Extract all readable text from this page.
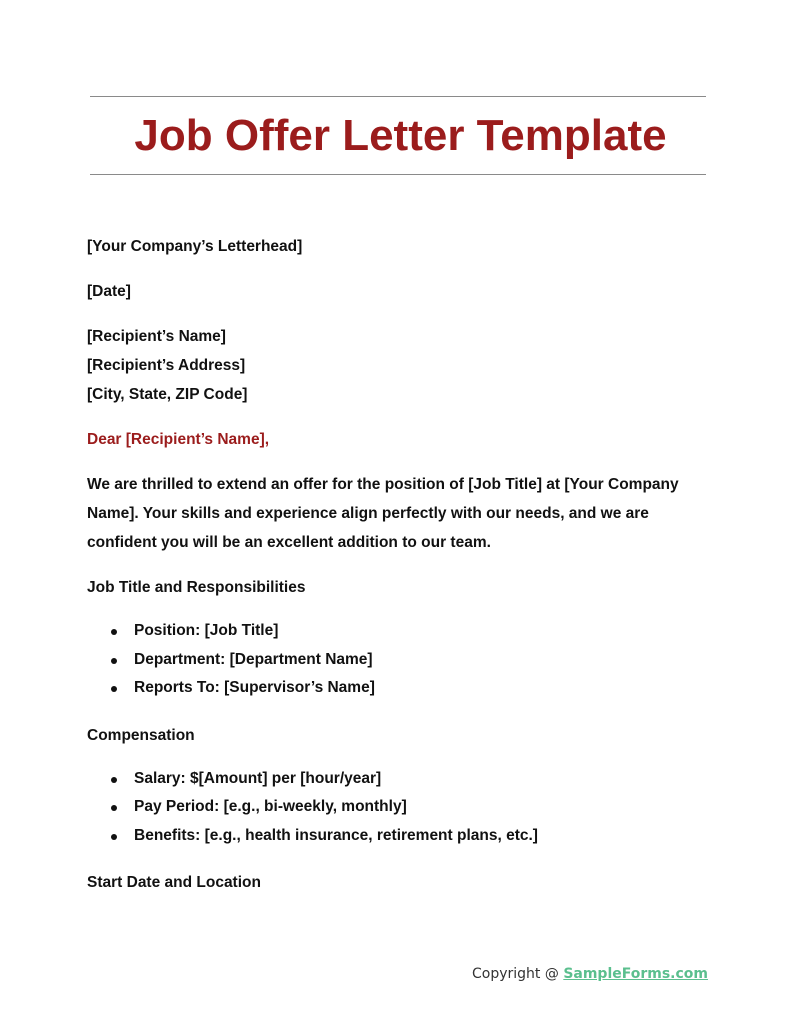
Job Offer Letter Template

[Your Company’s Letterhead]

[Date]

[Recipient’s Name]

[Recipient’s Address]

[City, State, ZIP Code]

Dear [Recipient’s Name],

We are thrilled to extend an offer for the position of [Job Title] at [Your Company Name]. Your skills and experience align perfectly with our needs, and we are confident you will be an excellent addition to our team.

Job Title and Responsibilities

Position: [Job Title]
Department: [Department Name]
Reports To: [Supervisor’s Name]

Compensation

Salary: $[Amount] per [hour/year]
Pay Period: [e.g., bi-weekly, monthly]
Benefits: [e.g., health insurance, retirement plans, etc.]

Start Date and Location

Copyright @ SampleForms.com
